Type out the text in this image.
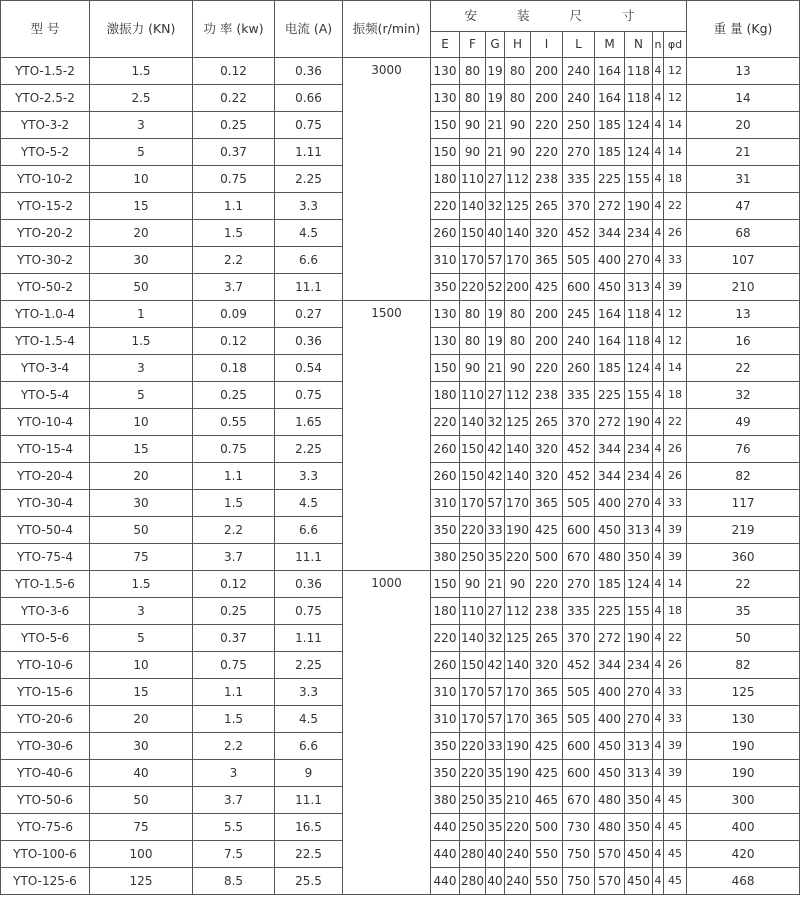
型 号	激振力 (KN)	功 率 (kw)	电流 (A)	振频(r/min)	安 装 尺 寸										重 量 (Kg)
					E	F	G	H	I	L	M	N	n	φd	
YTO-1.5-2	1.5	0.12	0.36	3000	130	80	19	80	200	240	164	118	4	12	13
YTO-2.5-2	2.5	0.22	0.66		130	80	19	80	200	240	164	118	4	12	14
YTO-3-2	3	0.25	0.75		150	90	21	90	220	250	185	124	4	14	20
YTO-5-2	5	0.37	1.11		150	90	21	90	220	270	185	124	4	14	21
YTO-10-2	10	0.75	2.25		180	110	27	112	238	335	225	155	4	18	31
YTO-15-2	15	1.1	3.3		220	140	32	125	265	370	272	190	4	22	47
YTO-20-2	20	1.5	4.5		260	150	40	140	320	452	344	234	4	26	68
YTO-30-2	30	2.2	6.6		310	170	57	170	365	505	400	270	4	33	107
YTO-50-2	50	3.7	11.1		350	220	52	200	425	600	450	313	4	39	210
YTO-1.0-4	1	0.09	0.27	1500	130	80	19	80	200	245	164	118	4	12	13
YTO-1.5-4	1.5	0.12	0.36		130	80	19	80	200	240	164	118	4	12	16
YTO-3-4	3	0.18	0.54		150	90	21	90	220	260	185	124	4	14	22
YTO-5-4	5	0.25	0.75		180	110	27	112	238	335	225	155	4	18	32
YTO-10-4	10	0.55	1.65		220	140	32	125	265	370	272	190	4	22	49
YTO-15-4	15	0.75	2.25		260	150	42	140	320	452	344	234	4	26	76
YTO-20-4	20	1.1	3.3		260	150	42	140	320	452	344	234	4	26	82
YTO-30-4	30	1.5	4.5		310	170	57	170	365	505	400	270	4	33	117
YTO-50-4	50	2.2	6.6		350	220	33	190	425	600	450	313	4	39	219
YTO-75-4	75	3.7	11.1		380	250	35	220	500	670	480	350	4	39	360
YTO-1.5-6	1.5	0.12	0.36	1000	150	90	21	90	220	270	185	124	4	14	22
YTO-3-6	3	0.25	0.75		180	110	27	112	238	335	225	155	4	18	35
YTO-5-6	5	0.37	1.11		220	140	32	125	265	370	272	190	4	22	50
YTO-10-6	10	0.75	2.25		260	150	42	140	320	452	344	234	4	26	82
YTO-15-6	15	1.1	3.3		310	170	57	170	365	505	400	270	4	33	125
YTO-20-6	20	1.5	4.5		310	170	57	170	365	505	400	270	4	33	130
YTO-30-6	30	2.2	6.6		350	220	33	190	425	600	450	313	4	39	190
YTO-40-6	40	3	9		350	220	35	190	425	600	450	313	4	39	190
YTO-50-6	50	3.7	11.1		380	250	35	210	465	670	480	350	4	45	300
YTO-75-6	75	5.5	16.5		440	250	35	220	500	730	480	350	4	45	400
YTO-100-6	100	7.5	22.5		440	280	40	240	550	750	570	450	4	45	420
YTO-125-6	125	8.5	25.5		440	280	40	240	550	750	570	450	4	45	468
